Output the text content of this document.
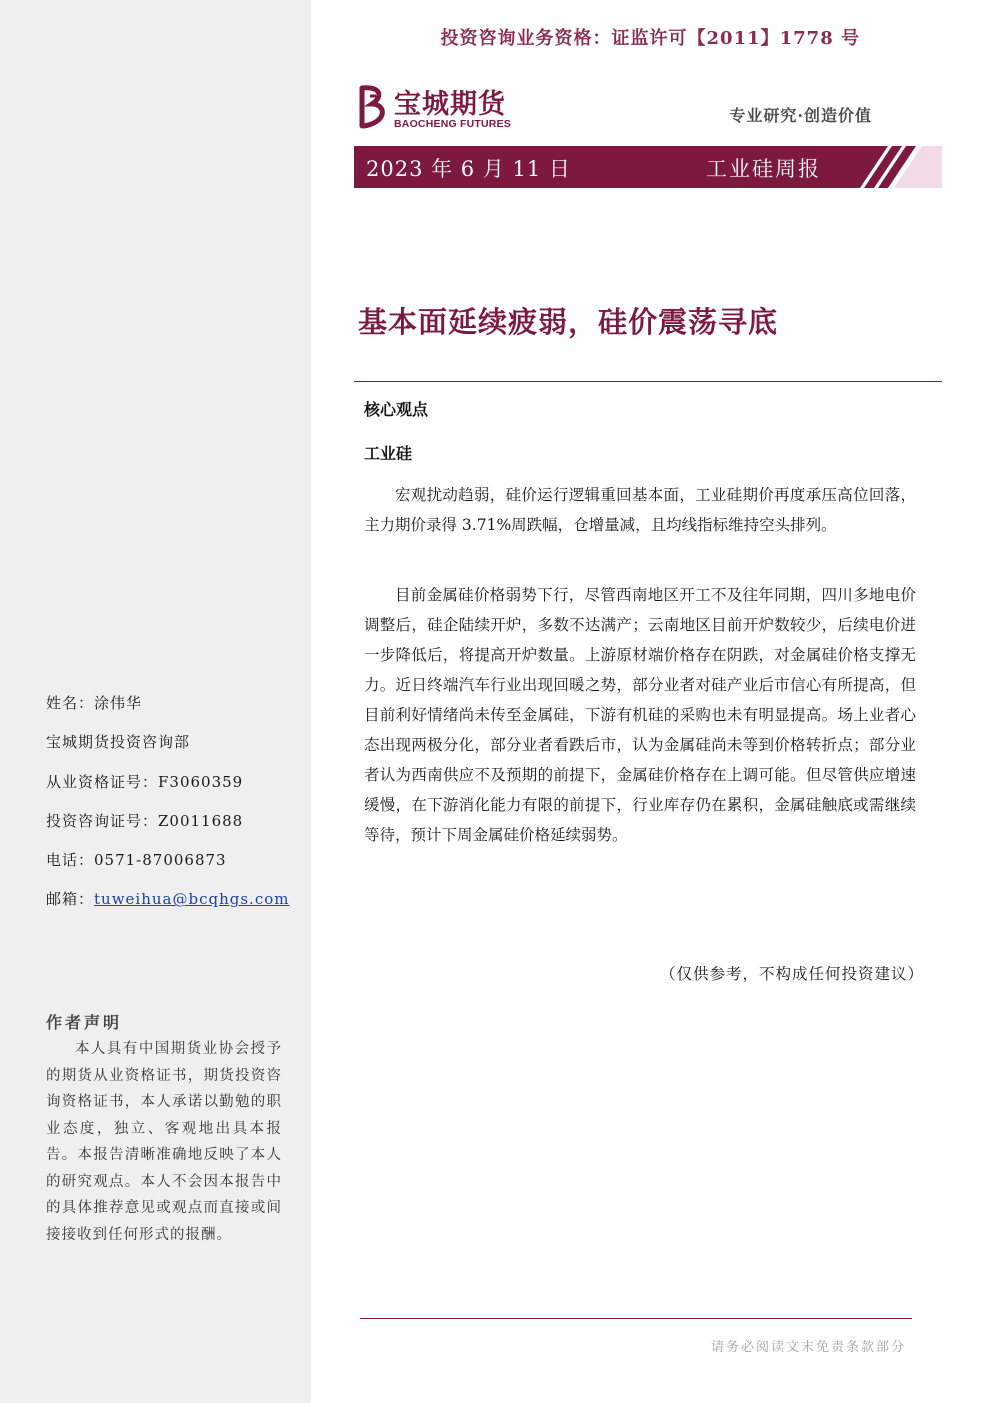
投资咨询业务资格：证监许可【2011】1778 号
宝城期货
BAOCHENG FUTURES	专业研究·创造价值
2023 年 6 月 11 日	工业硅周报
基本面延续疲弱，硅价震荡寻底
核心观点
工业硅

宏观扰动趋弱，硅价运行逻辑重回基本面，工业硅期价再度承压高位回落，主力期价录得 3.71%周跌幅，仓增量减，且均线指标维持空头排列。

目前金属硅价格弱势下行，尽管西南地区开工不及往年同期，四川多地电价调整后，硅企陆续开炉，多数不达满产；云南地区目前开炉数较少，后续电价进一步降低后，将提高开炉数量。上游原材端价格存在阴跌，对金属硅价格支撑无力。近日终端汽车行业出现回暖之势，部分业者对硅产业后市信心有所提高，但目前利好情绪尚未传至金属硅，下游有机硅的采购也未有明显提高。场上业者心态出现两极分化，部分业者看跌后市，认为金属硅尚未等到价格转折点；部分业者认为西南供应不及预期的前提下，金属硅价格存在上调可能。但尽管供应增速缓慢，在下游消化能力有限的前提下，行业库存仍在累积，金属硅触底或需继续等待，预计下周金属硅价格延续弱势。

（仅供参考，不构成任何投资建议）
姓名：涂伟华
宝城期货投资咨询部
从业资格证号：F3060359
投资咨询证号：Z0011688
电话：0571-87006873
邮箱：tuweihua@bcqhgs.com
作者声明

本人具有中国期货业协会授予的期货从业资格证书，期货投资咨询资格证书，本人承诺以勤勉的职业态度，独立、客观地出具本报告。本报告清晰准确地反映了本人的研究观点。本人不会因本报告中的具体推荐意见或观点而直接或间接接收到任何形式的报酬。

请务必阅读文末免责条款部分
